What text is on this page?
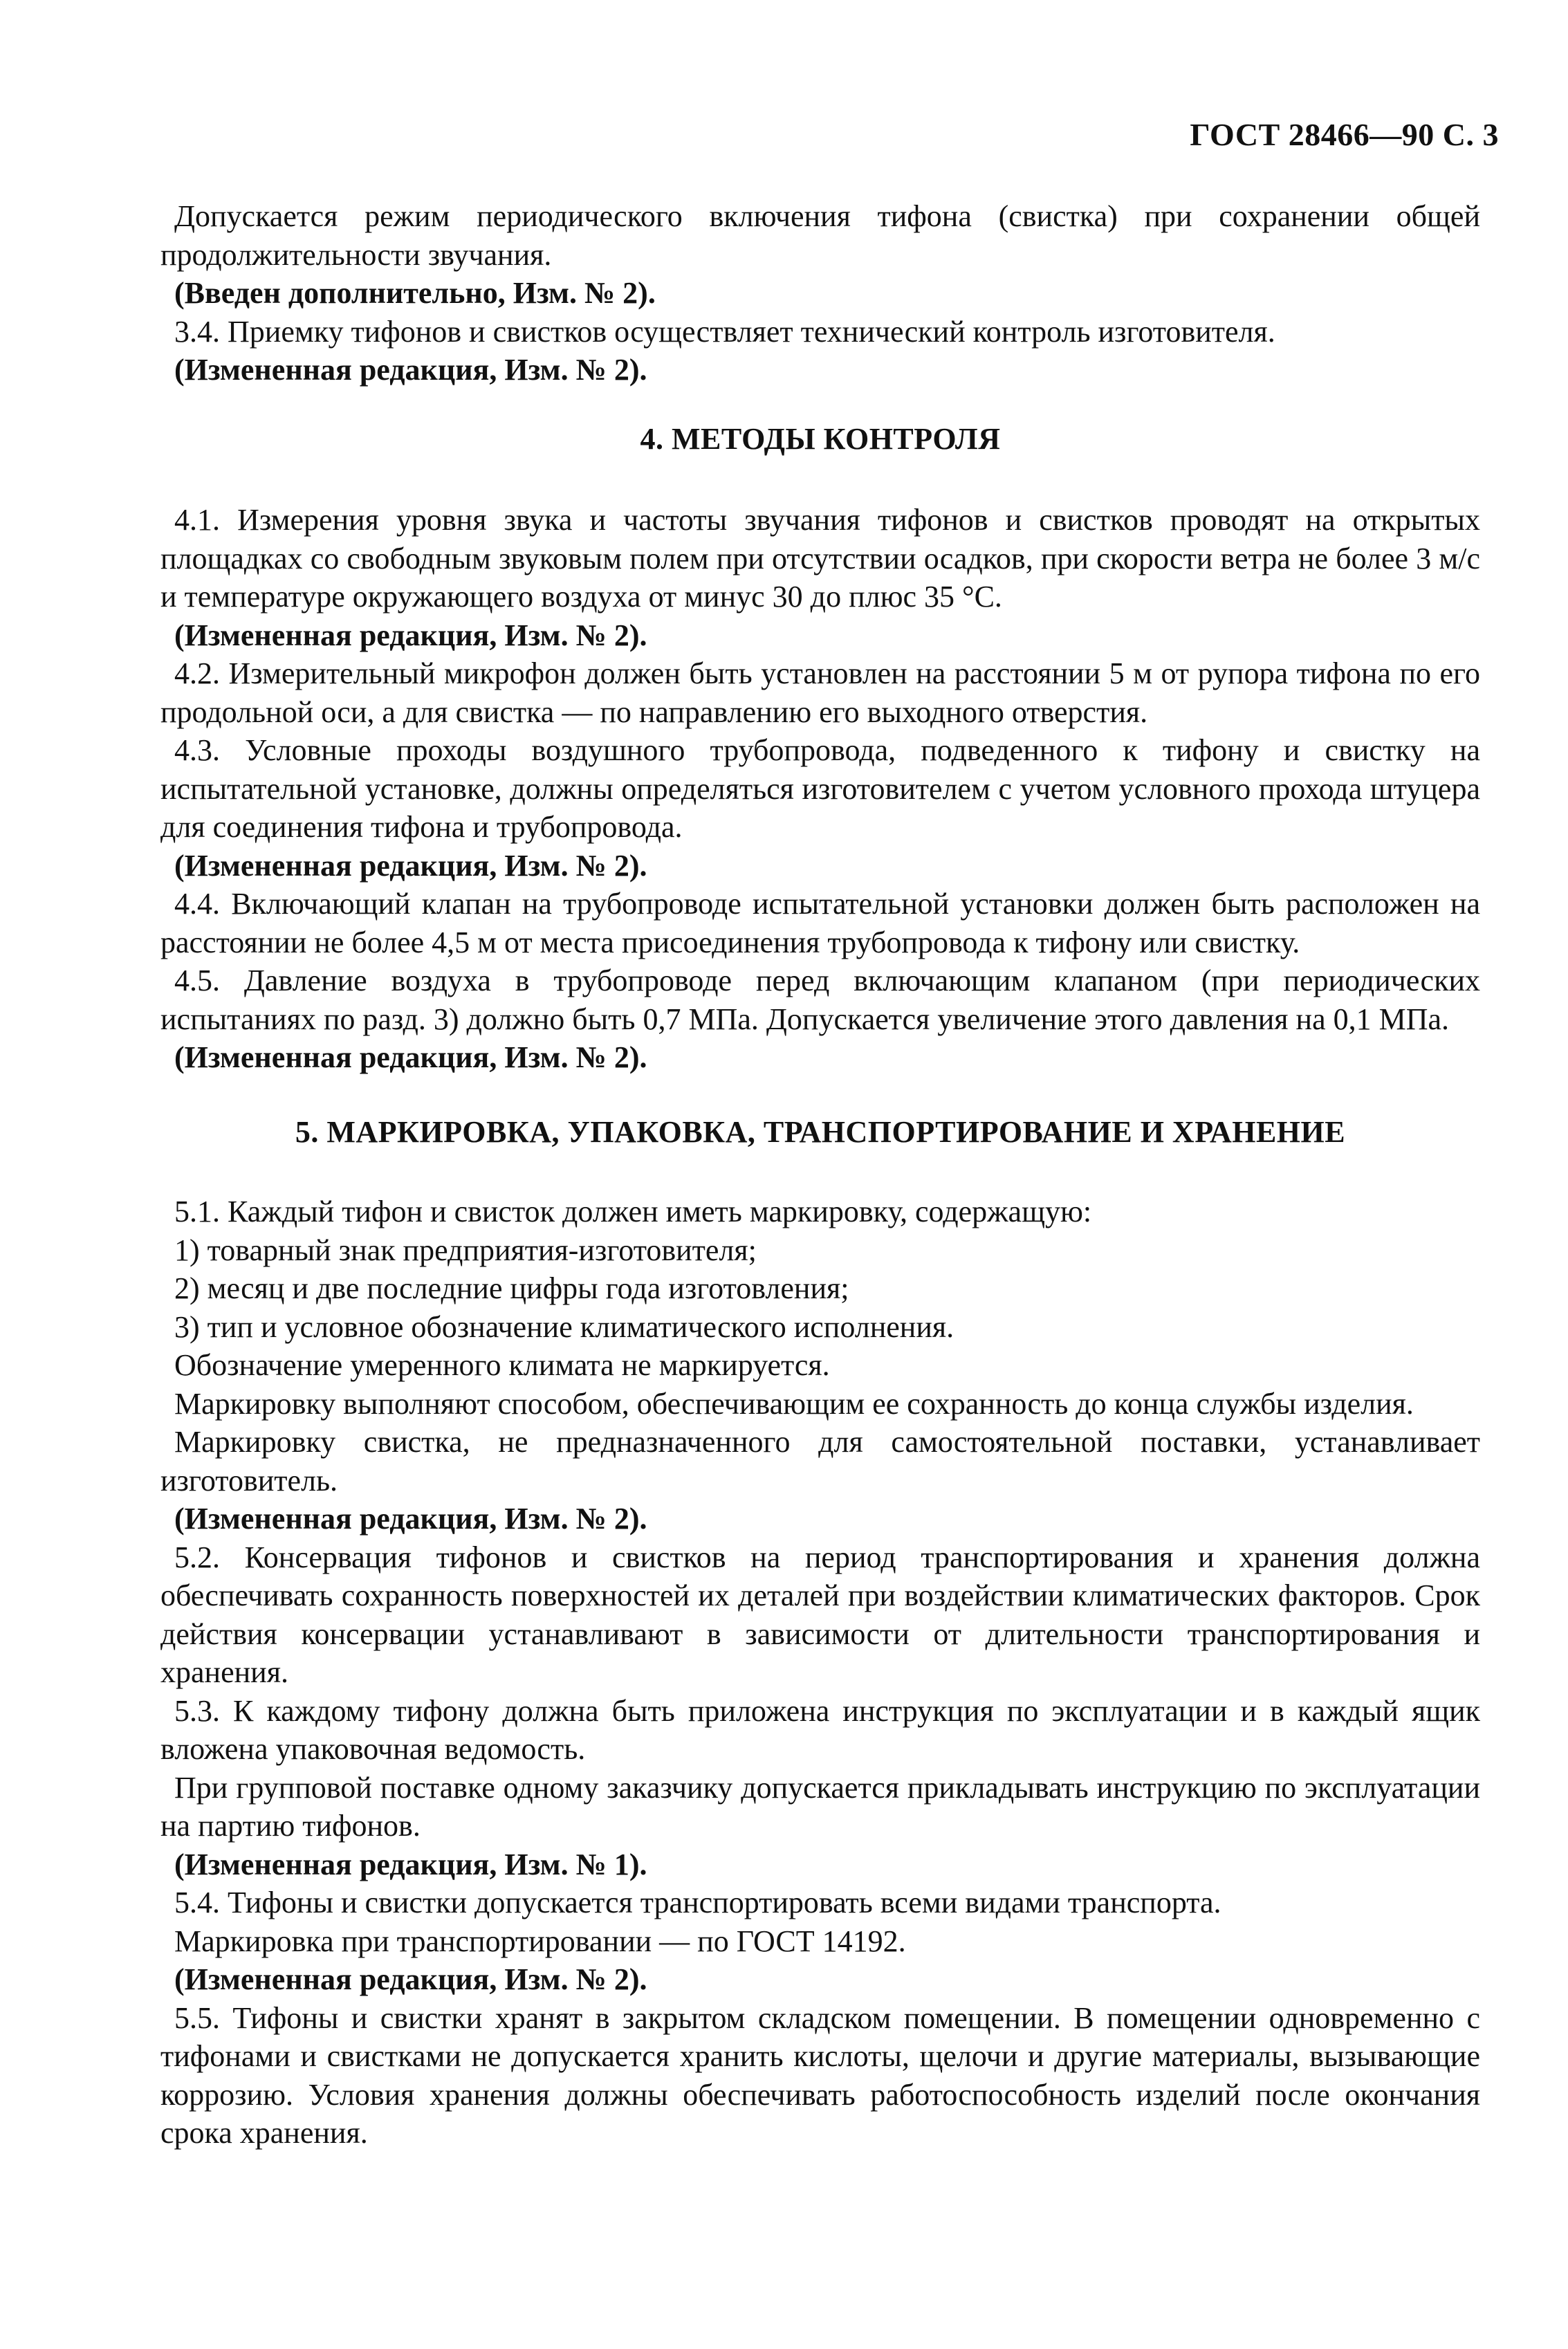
ГОСТ 28466—90 С. 3

Допускается режим периодического включения тифона (свистка) при сохранении общей продолжительности звучания.

(Введен дополнительно, Изм. № 2).

3.4. Приемку тифонов и свистков осуществляет технический контроль изготовителя.

(Измененная редакция, Изм. № 2).

4. МЕТОДЫ КОНТРОЛЯ

4.1. Измерения уровня звука и частоты звучания тифонов и свистков проводят на открытых площадках со свободным звуковым полем при отсутствии осадков, при скорости ветра не более 3 м/с и температуре окружающего воздуха от минус 30 до плюс 35 °С.

(Измененная редакция, Изм. № 2).

4.2. Измерительный микрофон должен быть установлен на расстоянии 5 м от рупора тифона по его продольной оси, а для свистка — по направлению его выходного отверстия.

4.3. Условные проходы воздушного трубопровода, подведенного к тифону и свистку на испытательной установке, должны определяться изготовителем с учетом условного прохода штуцера для соединения тифона и трубопровода.

(Измененная редакция, Изм. № 2).

4.4. Включающий клапан на трубопроводе испытательной установки должен быть расположен на расстоянии не более 4,5 м от места присоединения трубопровода к тифону или свистку.

4.5. Давление воздуха в трубопроводе перед включающим клапаном (при периодических испытаниях по разд. 3) должно быть 0,7 МПа. Допускается увеличение этого давления на 0,1 МПа.

(Измененная редакция, Изм. № 2).

5. МАРКИРОВКА, УПАКОВКА, ТРАНСПОРТИРОВАНИЕ И ХРАНЕНИЕ

5.1. Каждый тифон и свисток должен иметь маркировку, содержащую:

1) товарный знак предприятия-изготовителя;

2) месяц и две последние цифры года изготовления;

3) тип и условное обозначение климатического исполнения.

Обозначение умеренного климата не маркируется.

Маркировку выполняют способом, обеспечивающим ее сохранность до конца службы изделия.

Маркировку свистка, не предназначенного для самостоятельной поставки, устанавливает изготовитель.

(Измененная редакция, Изм. № 2).

5.2. Консервация тифонов и свистков на период транспортирования и хранения должна обеспечивать сохранность поверхностей их деталей при воздействии климатических факторов. Срок действия консервации устанавливают в зависимости от длительности транспортирования и хранения.

5.3. К каждому тифону должна быть приложена инструкция по эксплуатации и в каждый ящик вложена упаковочная ведомость.

При групповой поставке одному заказчику допускается прикладывать инструкцию по эксплуатации на партию тифонов.

(Измененная редакция, Изм. № 1).

5.4. Тифоны и свистки допускается транспортировать всеми видами транспорта.

Маркировка при транспортировании — по ГОСТ 14192.

(Измененная редакция, Изм. № 2).

5.5. Тифоны и свистки хранят в закрытом складском помещении. В помещении одновременно с тифонами и свистками не допускается хранить кислоты, щелочи и другие материалы, вызывающие коррозию. Условия хранения должны обеспечивать работоспособность изделий после окончания срока хранения.
